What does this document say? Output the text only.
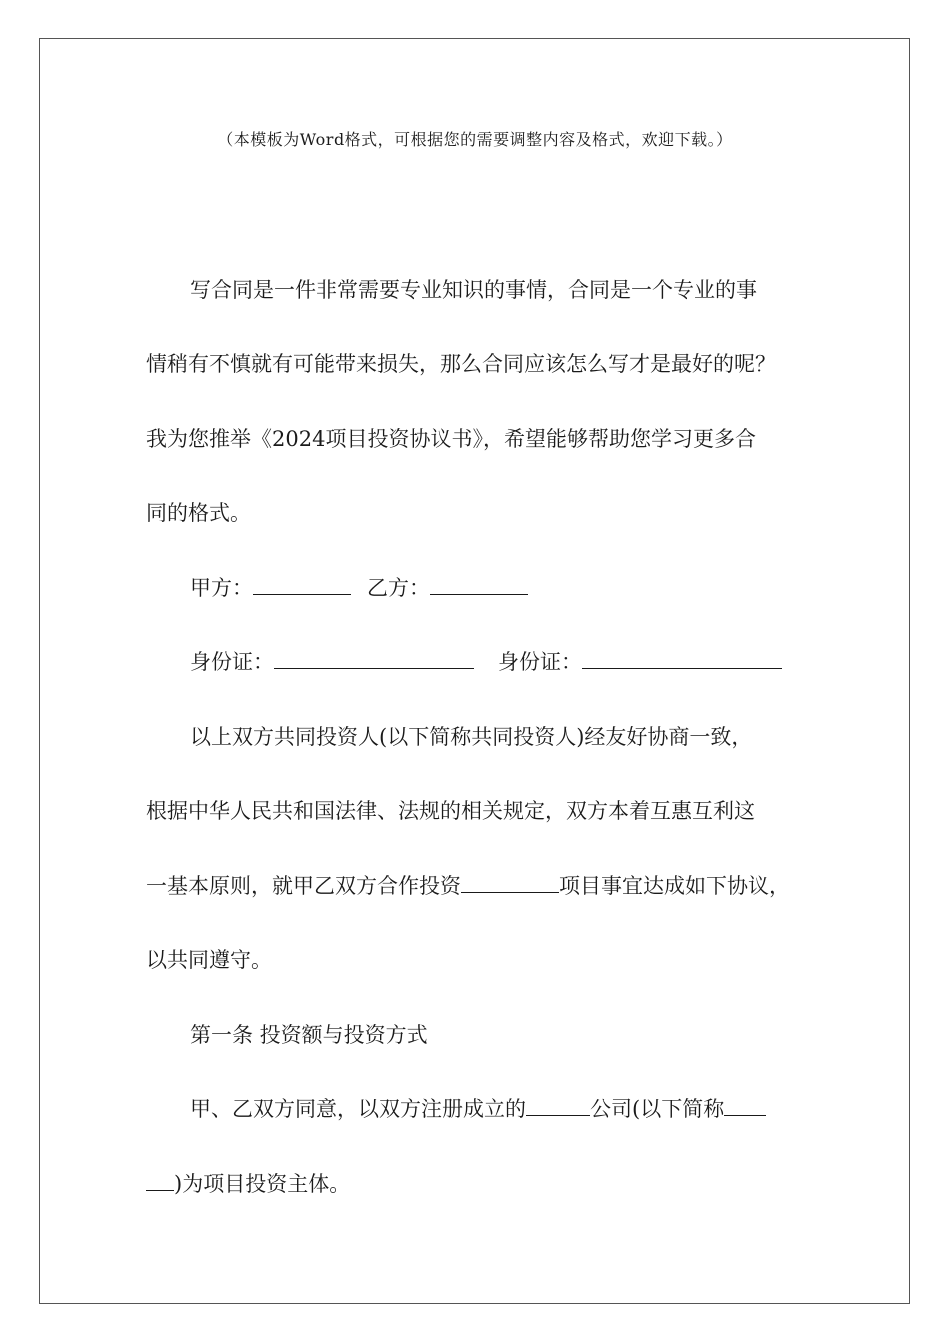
（本模板为Word格式，可根据您的需要调整内容及格式，欢迎下载。）
写合同是一件非常需要专业知识的事情，合同是一个专业的事
情稍有不慎就有可能带来损失，那么合同应该怎么写才是最好的呢？
我为您推举《2024项目投资协议书》，希望能够帮助您学习更多合
同的格式。
甲方：	乙方：
身份证：	身份证：
以上双方共同投资人(以下简称共同投资人)经友好协商一致，
根据中华人民共和国法律、法规的相关规定，双方本着互惠互利这
一基本原则，就甲乙双方合作投资	项目事宜达成如下协议，
以共同遵守。
第一条 投资额与投资方式
甲、乙双方同意，以双方注册成立的	公司(以下简称
)为项目投资主体。
